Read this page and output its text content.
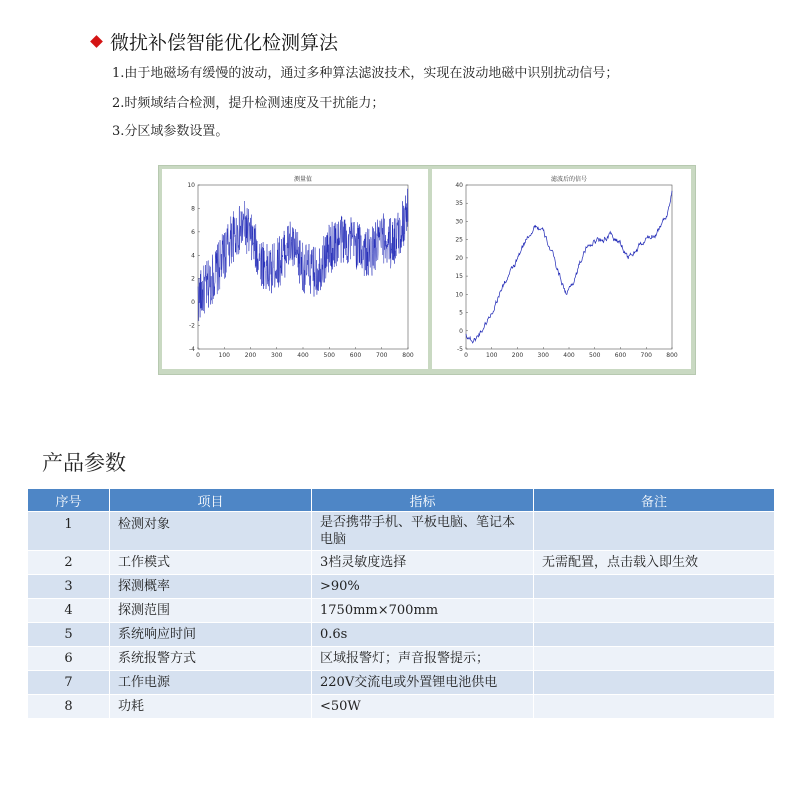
微扰补偿智能优化检测算法

1.由于地磁场有缓慢的波动，通过多种算法滤波技术，实现在波动地磁中识别扰动信号；

2.时频域结合检测，提升检测速度及干扰能力；

3.分区域参数设置。

测量值
0	100 200 300 400 500 600 700 800
10
8
6
4
2
0
-2
-4
滤波后的信号
0	100 200 300 400 500 600 700 800
40
35
30
25
20
15
10
5
0
-5
产品参数
序号	项目	指标	备注
1	检测对象	是否携带手机、平板电脑、笔记本电脑	
2	工作模式	3档灵敏度选择	无需配置，点击载入即生效
3	探测概率	>90%	
4	探测范围	1750mm×700mm	
5	系统响应时间	0.6s	
6	系统报警方式	区域报警灯；声音报警提示；	
7	工作电源	220V交流电或外置锂电池供电	
8	功耗	<50W	
